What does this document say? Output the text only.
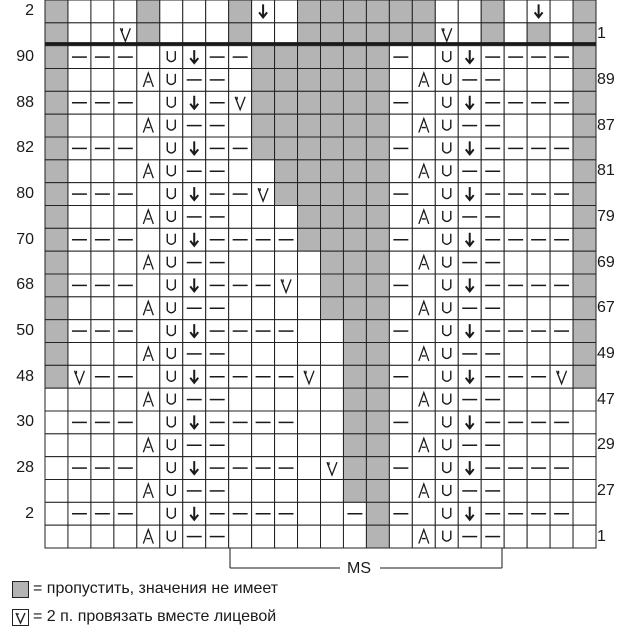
2
90
88
82
80
70
68
50
48
30
28
2
1
89
87
81
79
69
67
49
47
29
27
1
MS
= пропустить, значения не имеет
= 2 п. провязать вместе лицевой
